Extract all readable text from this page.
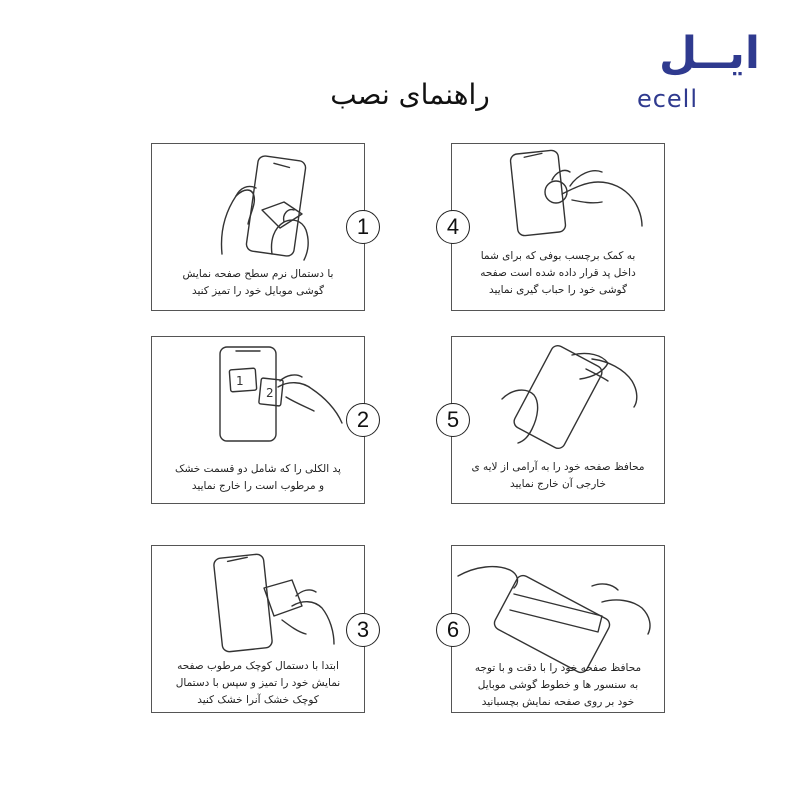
ایــل
ecell
راهنمای نصب
با دستمال نرم سطح صفحه نمایش
گوشی موبایل خود را تمیز کنید
1
به کمک برچسب بوفی که برای شما
داخل پد قرار داده شده است صفحه
گوشی خود را حباب گیری نمایید
4
1
2
پد الکلی را که شامل دو قسمت خشک
و مرطوب است را خارج نمایید
2
محافظ صفحه خود را به آرامی از لایه ی
خارجی آن خارج نمایید
5
ابتدا با دستمال کوچک مرطوب صفحه
نمایش خود را تمیز و سپس با دستمال
کوچک خشک آنرا خشک کنید
3
محافظ صفحه خود را با دقت و با توجه
به سنسور ها و خطوط گوشی موبایل
خود بر روی صفحه نمایش بچسبانید
6
